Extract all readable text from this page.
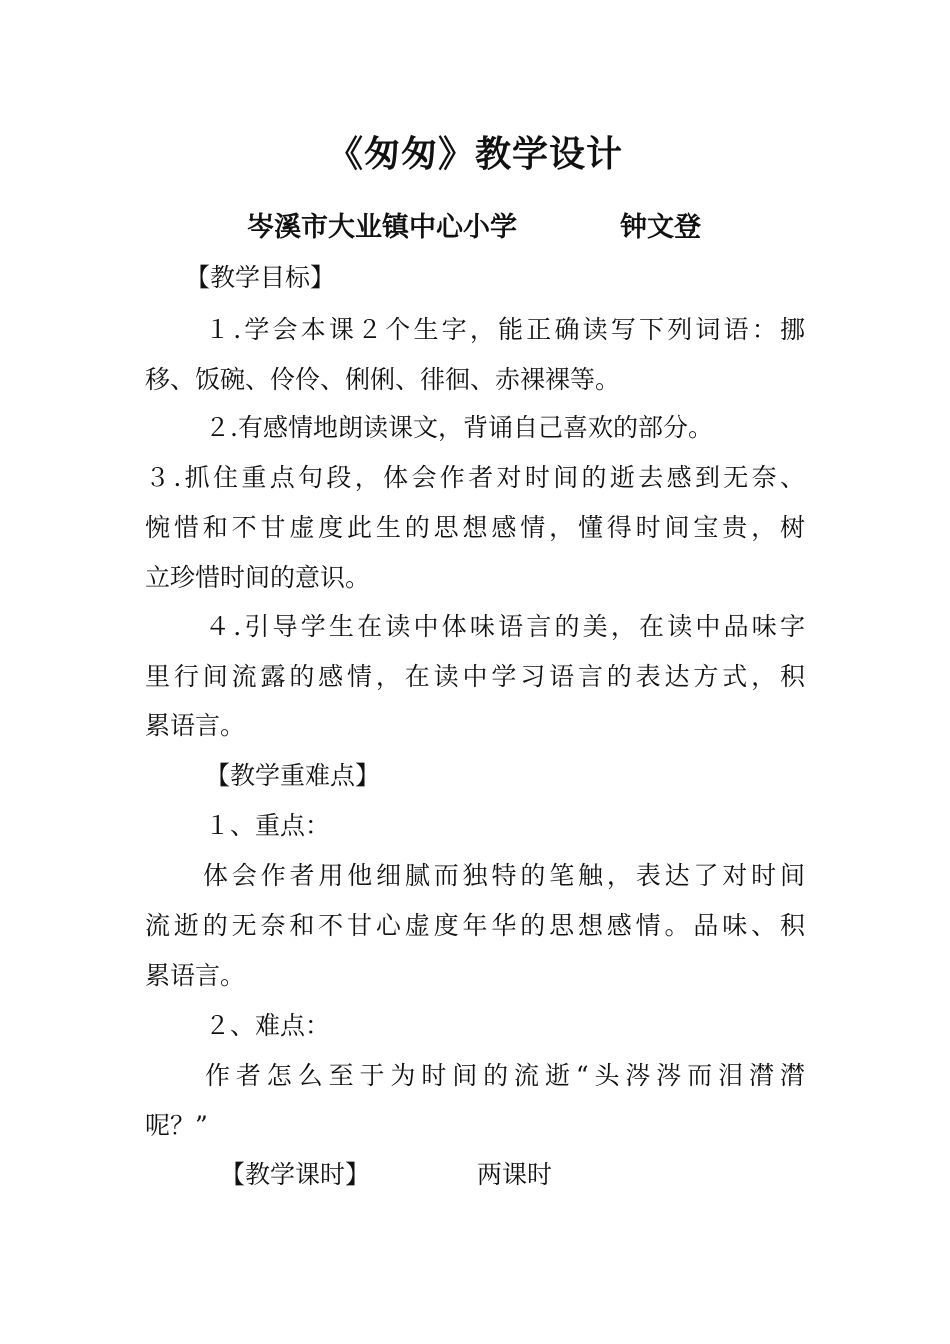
《匆匆》教学设计
岑溪市大业镇中心小学	钟文登
【教学目标】
１.学会本课２个生字，能正确读写下列词语：挪
移、饭碗、伶伶、俐俐、徘徊、赤裸裸等。
２.有感情地朗读课文，背诵自己喜欢的部分。
３.抓住重点句段，体会作者对时间的逝去感到无奈、
惋惜和不甘虚度此生的思想感情，懂得时间宝贵，树
立珍惜时间的意识。
４.引导学生在读中体味语言的美，在读中品味字
里行间流露的感情，在读中学习语言的表达方式，积
累语言。
【教学重难点】
１、重点：
体会作者用他细腻而独特的笔触，表达了对时间
流逝的无奈和不甘心虚度年华的思想感情。品味、积
累语言。
２、难点：
作者怎么至于为时间的流逝“头涔涔而泪潸潸
呢？”
【教学课时】	两课时
